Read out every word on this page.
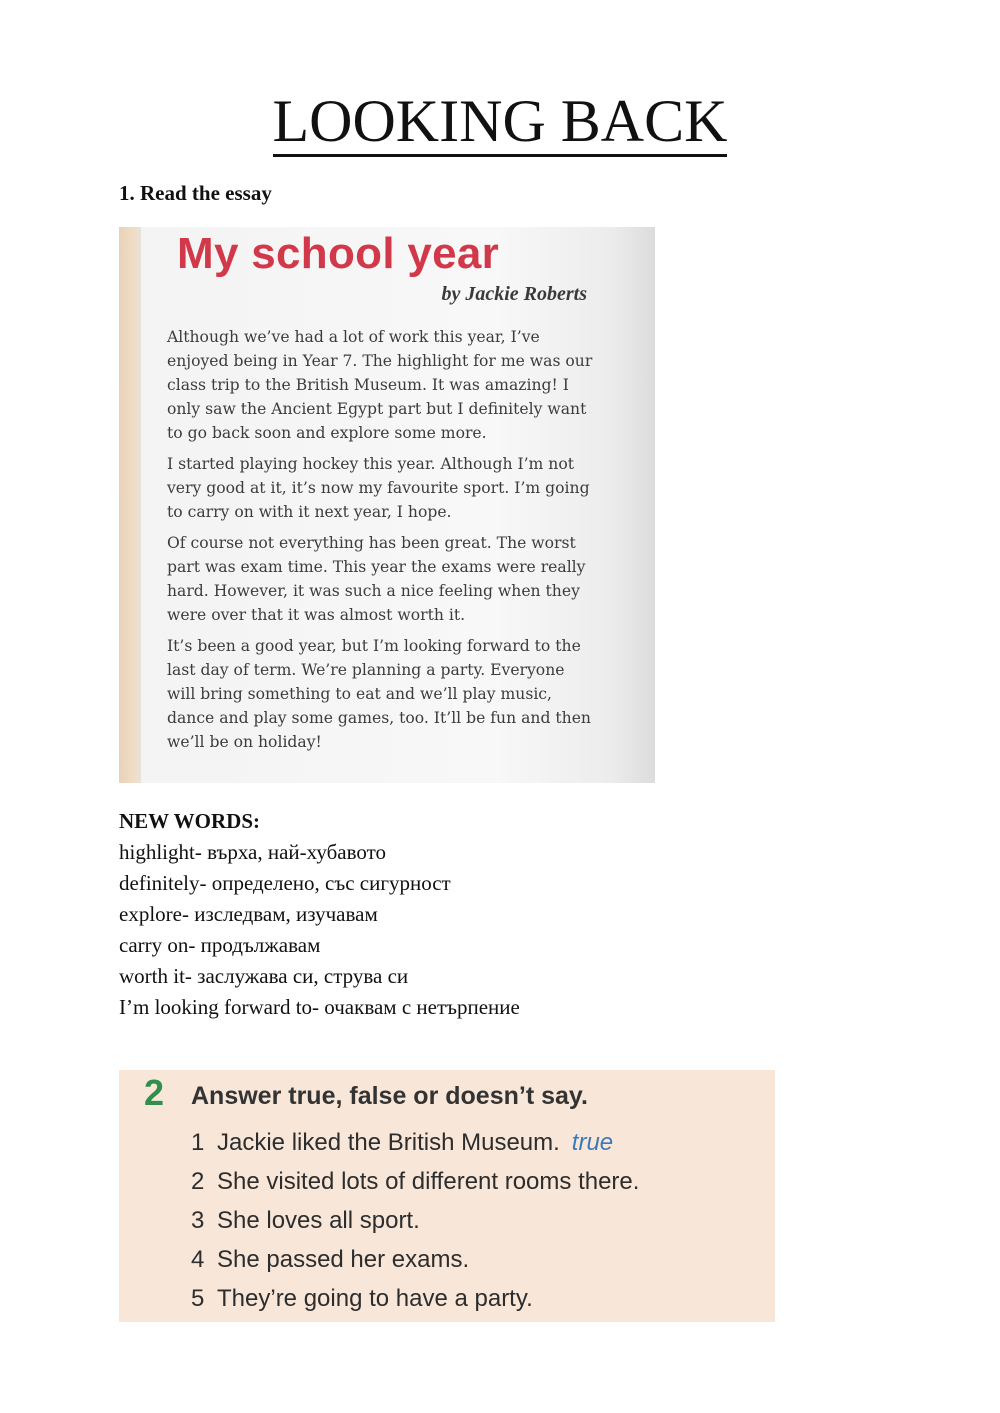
LOOKING BACK
1. Read the essay
My school year
by Jackie Roberts

Although we’ve had a lot of work this year, I’ve enjoyed being in Year 7. The highlight for me was our class trip to the British Museum. It was amazing! I only saw the Ancient Egypt part but I definitely want to go back soon and explore some more.

I started playing hockey this year. Although I’m not very good at it, it’s now my favourite sport. I’m going to carry on with it next year, I hope.

Of course not everything has been great. The worst part was exam time. This year the exams were really hard. However, it was such a nice feeling when they were over that it was almost worth it.

It’s been a good year, but I’m looking forward to the last day of term. We’re planning a party. Everyone will bring something to eat and we’ll play music, dance and play some games, too. It’ll be fun and then we’ll be on holiday!

NEW WORDS:
highlight- върха, най-хубавото
definitely- определено, със сигурност
explore- изследвам, изучавам
carry on- продължавам
worth it- заслужава си, струва си
I’m looking forward to- очаквам с нетърпение
2 Answer true, false or doesn’t say.
1 Jackie liked the British Museum. true
2 She visited lots of different rooms there.
3 She loves all sport.
4 She passed her exams.
5 They’re going to have a party.
